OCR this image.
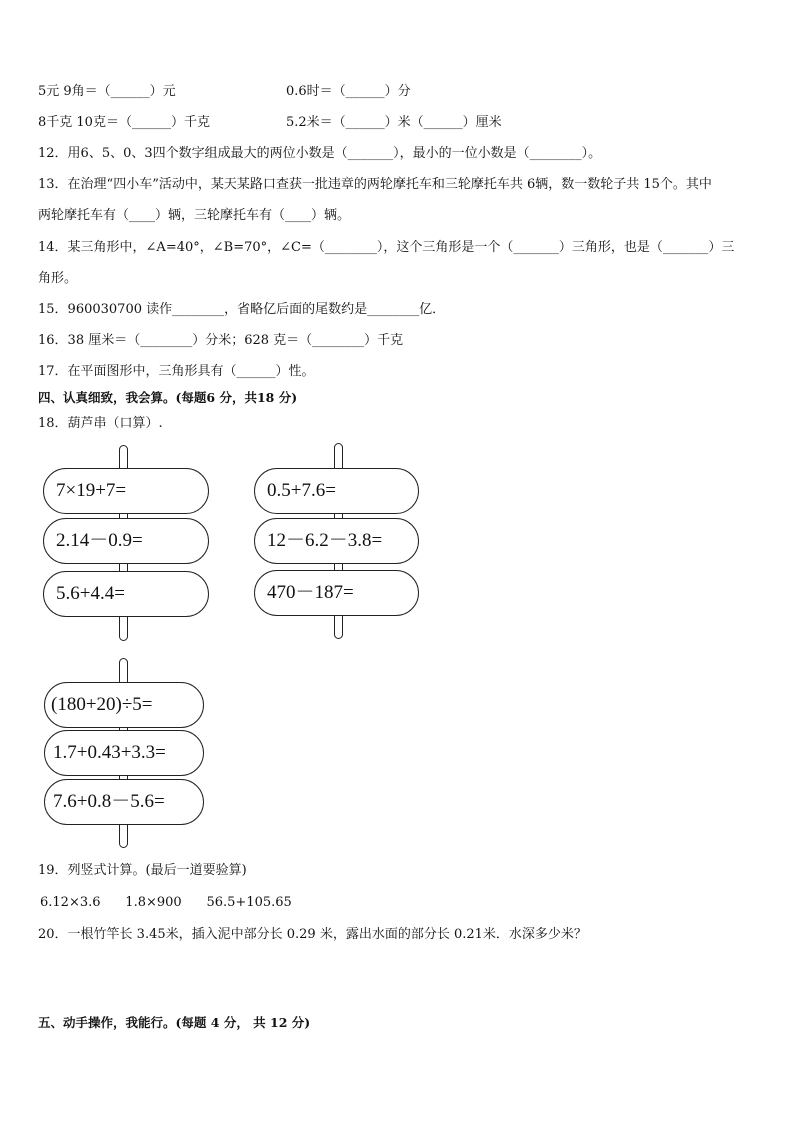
5元 9角＝（______）元	0.6时＝（______）分
8千克 10克＝（______）千克	5.2米＝（______）米（______）厘米
12．用6、5、0、3四个数字组成最大的两位小数是（_______），最小的一位小数是（________）。
13．在治理“四小车”活动中，某天某路口查获一批违章的两轮摩托车和三轮摩托车共 6辆，数一数轮子共 15个。其中
两轮摩托车有（____）辆，三轮摩托车有（____）辆。
14．某三角形中，∠A=40°，∠B=70°，∠C=（________），这个三角形是一个（_______）三角形，也是（_______）三
角形。
15．960030700 读作________，省略亿后面的尾数约是________亿．
16．38 厘米＝（________）分米；628 克＝（________）千克
17．在平面图形中，三角形具有（______）性。
四、认真细致，我会算。(每题6 分，共18 分)
18．葫芦串（口算）.
7×19+7=
2.14－0.9=
5.6+4.4=
0.5+7.6=
12－6.2－3.8=
470－187=
(180+20)÷5=
1.7+0.43+3.3=
7.6+0.8－5.6=
19．列竖式计算。(最后一道要验算)
6.12×3.6      1.8×900      56.5+105.65
20．一根竹竿长 3.45米，插入泥中部分长 0.29 米，露出水面的部分长 0.21米．水深多少米？
五、动手操作，我能行。(每题 4 分， 共 12 分)
